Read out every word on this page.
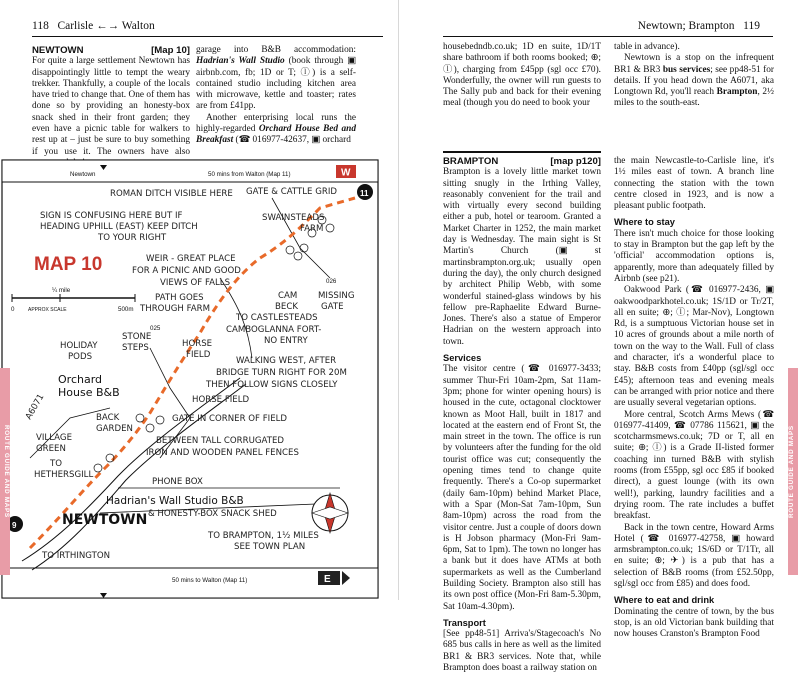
118 Carlisle ←→ Walton
NEWTOWN	[Map 10]

For quite a large settlement Newtown has disappointingly little to tempt the weary trekker. Thankfully, a couple of the locals have tried to change that. One of them has done so by providing an honesty-box snack shed in their front garden; they even have a picnic table for walkers to rest up at – just be sure to buy something if you use it. The owners have also

garage into B&B accommodation: Hadrian's Wall Studio (book through ▣ airbnb.com, fb; 1D or T; ⓛ) is a self-contained studio including kitchen area with microwave, kettle and toaster; rates are from £41pp.

Another enterprising local runs the highly-regarded Orchard House Bed and Breakfast (☎ 016977-42637, ▣ orchard

Newtown	50 mins from Walton (Map 11)	W
50 mins to Walton (Map 11)	E
11
9
MAP 10
0
¼ mile
APPROX SCALE	500m
ROMAN DITCH VISIBLE HERE GATE & CATTLE GRID
SIGN IS CONFUSING HERE BUT IF
HEADING UPHILL (EAST) KEEP DITCH
TO YOUR RIGHT
SWAINSTEADS
FARM
WEIR - GREAT PLACE
FOR A PICNIC AND GOOD
VIEWS OF FALLS	026
PATH GOES
THROUGH FARM
CAM
BECK
MISSING
GATE
TO CASTLESTEADS
CAMBOGLANNA FORT-
NO ENTRY
025
HOLIDAY
PODS
STONE
STEPS	HORSE
FIELD
WALKING WEST, AFTER
BRIDGE TURN RIGHT FOR 20M
THEN FOLLOW SIGNS CLOSELY
Orchard
House B&B
HORSE FIELD
BACK
GARDEN
A6071	GATE IN CORNER OF FIELD
VILLAGE
GREEN
BETWEEN TALL CORRUGATED
IRON AND WOODEN PANEL FENCES
TO
HETHERSGILL
PHONE BOX
Hadrian's Wall Studio B&B
& HONESTY-BOX SNACK SHED
NEWTOWN
TO BRAMPTON, 1½ MILES
SEE TOWN PLAN
TO IRTHINGTON
ROUTE GUIDE AND MAPS
Newtown; Brampton 119

housebedndb.co.uk; 1D en suite, 1D/1T share bathroom if both rooms booked; ⊕; ⓛ), charging from £45pp (sgl occ £70). Wonderfully, the owner will run guests to The Sally pub and back for their evening meal (though you do need to book your

table in advance).

Newtown is a stop on the infrequent BR1 & BR3 bus services; see pp48-51 for details. If you head down the A6071, aka Longtown Rd, you'll reach Brampton, 2½ miles to the south-east.

BRAMPTON	[map p120]

Brampton is a lovely little market town sitting snugly in the Irthing Valley, reasonably convenient for the trail and with virtually every second building either a pub, hotel or tearoom. Granted a Market Charter in 1252, the main market day is Wednesday. The main sight is St Martin's Church (▣ st martinsbrampton.org.uk; usually open during the day), the only church designed by architect Philip Webb, with some wonderful stained-glass windows by his fellow pre-Raphaelite Edward Burne-Jones. There's also a statue of Emperor Hadrian on the western approach into town.

Services

The visitor centre (☎ 016977-3433; summer Thur-Fri 10am-2pm, Sat 11am-3pm; phone for winter opening hours) is housed in the cute, octagonal clocktower known as Moot Hall, built in 1817 and located at the eastern end of Front St, the main street in the town. The office is run by volunteers after the funding for the old tourist office was cut; consequently the opening times tend to change quite frequently. There's a Co-op supermarket (daily 6am-10pm) behind Market Place, with a Spar (Mon-Sat 7am-10pm, Sun 8am-10pm) across the road from the visitor centre. Just a couple of doors down is H Jobson pharmacy (Mon-Fri 9am-6pm, Sat to 1pm). The town no longer has a bank but it does have ATMs at both supermarkets as well as the Cumberland Building Society. Brampton also still has its own post office (Mon-Fri 8am-5.30pm, Sat 10am-4.30pm).

Transport

[See pp48-51] Arriva's/Stagecoach's No 685 bus calls in here as well as the limited BR1 & BR3 services. Note that, while Brampton does boast a railway station on

the main Newcastle-to-Carlisle line, it's 1½ miles east of town. A branch line connecting the station with the town centre closed in 1923, and is now a pleasant public footpath.

Where to stay

There isn't much choice for those looking to stay in Brampton but the gap left by the 'official' accommodation options is, apparently, more than adequately filled by Airbnb (see p21).

Oakwood Park (☎ 016977-2436, ▣ oakwoodparkhotel.co.uk; 1S/1D or Tr/2T, all en suite; ⊕; ⓛ; Mar-Nov), Longtown Rd, is a sumptuous Victorian house set in 10 acres of grounds about a mile north of town on the way to the Wall. Full of class and character, it's a wonderful place to stay. B&B costs from £40pp (sgl/sgl occ £45); afternoon teas and evening meals can be arranged with prior notice and there are usually several vegetarian options.

More central, Scotch Arms Mews (☎ 016977-41409, ☎ 07786 115621, ▣ the scotcharmsmews.co.uk; 7D or T, all en suite; ⊕; ⓛ) is a Grade II-listed former coaching inn turned B&B with stylish rooms (from £55pp, sgl occ £85 if booked direct), a guest lounge (with its own well!), parking, laundry facilities and a drying room. The rate includes a buffet breakfast.

Back in the town centre, Howard Arms Hotel (☎ 016977-42758, ▣ howard armsbrampton.co.uk; 1S/6D or T/1Tr, all en suite; ⊕; ✈) is a pub that has a selection of B&B rooms (from £52.50pp, sgl/sgl occ from £85) and does food.

Where to eat and drink

Dominating the centre of town, by the bus stop, is an old Victorian bank building that now houses Cranston's Brampton Food

ROUTE GUIDE AND MAPS
